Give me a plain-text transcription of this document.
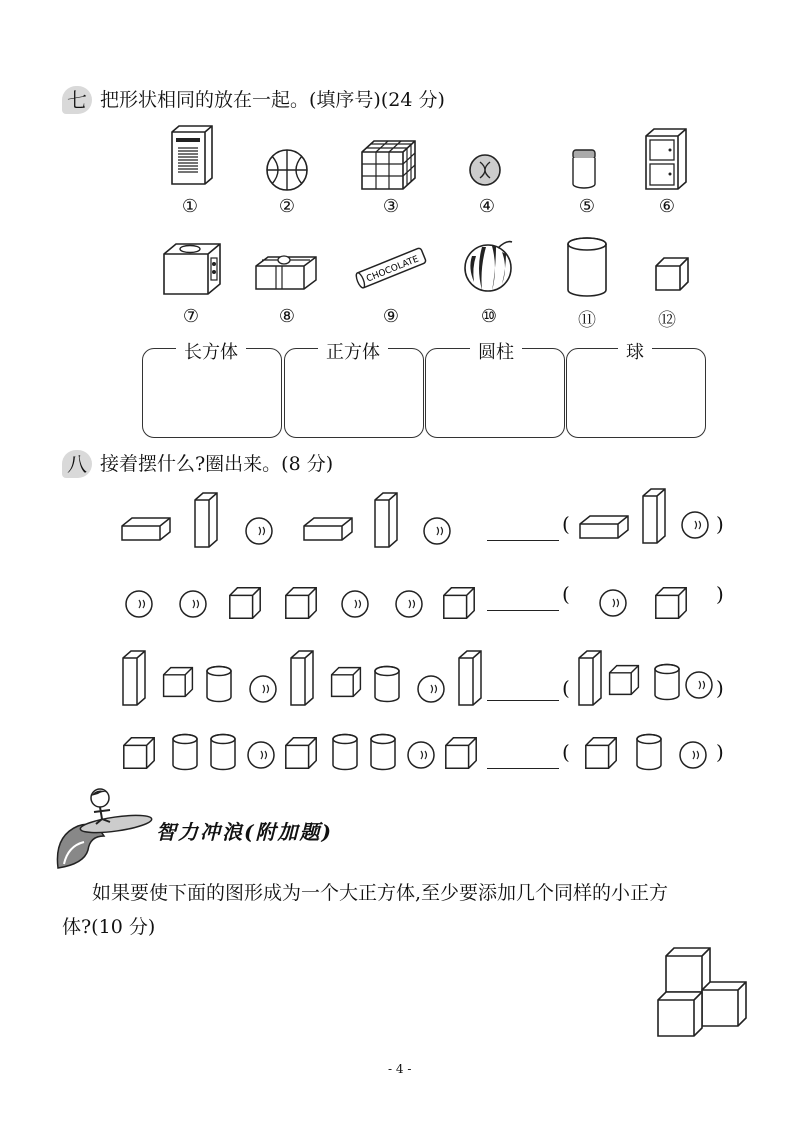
七 把形状相同的放在一起。(填序号)(24 分)
①	②	③	④	⑤	⑥
CHOCOLATE
⑦	⑧	⑨	⑩	⑪	⑫
长方体	正方体	圆柱	球
八 接着摆什么?圈出来。(8 分)
(	)
(	)
(	)
(	)
智力冲浪(附加题)
如果要使下面的图形成为一个大正方体,至少要添加几个同样的小正方
体?(10 分)
- 4 -
